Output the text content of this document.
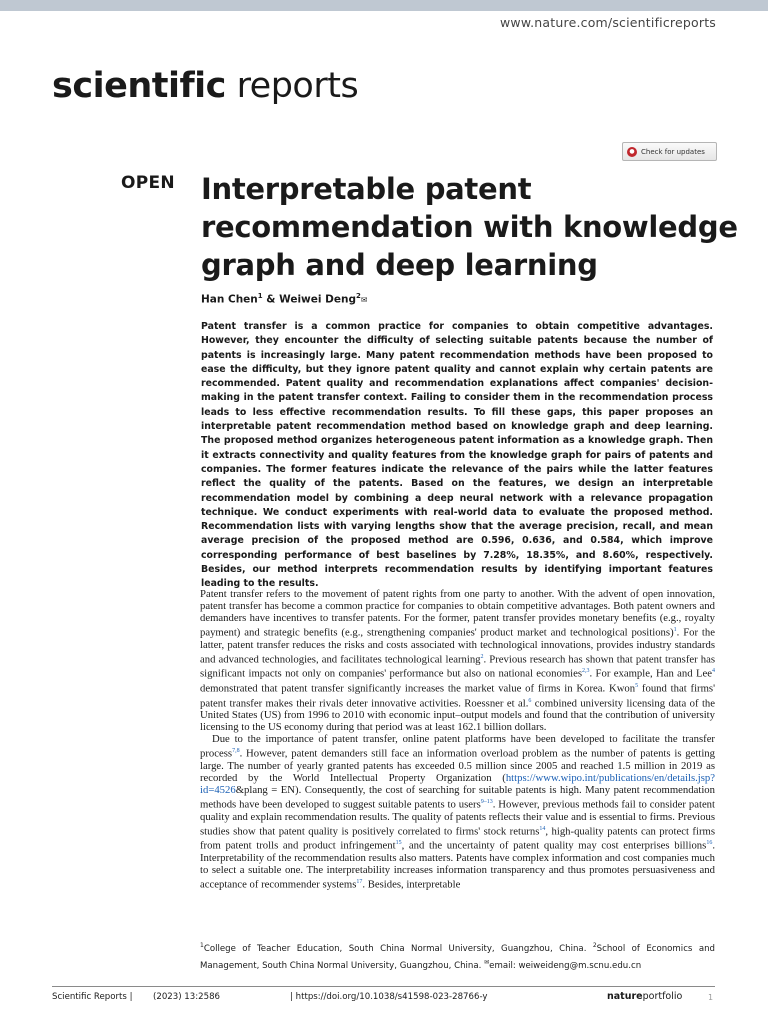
www.nature.com/scientificreports
scientific reports
● Check for updates
OPEN Interpretable patent recommendation with knowledge graph and deep learning
Han Chen$^1$ & Weiwei Deng$^2$✉

Patent transfer is a common practice for companies to obtain competitive advantages. However, they encounter the difficulty of selecting suitable patents because the number of patents is increasingly large. Many patent recommendation methods have been proposed to ease the difficulty, but they ignore patent quality and cannot explain why certain patents are recommended. Patent quality and recommendation explanations affect companies' decision-making in the patent transfer context. Failing to consider them in the recommendation process leads to less effective recommendation results. To fill these gaps, this paper proposes an interpretable patent recommendation method based on knowledge graph and deep learning. The proposed method organizes heterogeneous patent information as a knowledge graph. Then it extracts connectivity and quality features from the knowledge graph for pairs of patents and companies. The former features indicate the relevance of the pairs while the latter features reflect the quality of the patents. Based on the features, we design an interpretable recommendation model by combining a deep neural network with a relevance propagation technique. We conduct experiments with real-world data to evaluate the proposed method. Recommendation lists with varying lengths show that the average precision, recall, and mean average precision of the proposed method are 0.596, 0.636, and 0.584, which improve corresponding performance of best baselines by 7.28%, 18.35%, and 8.60%, respectively. Besides, our method interprets recommendation results by identifying important features leading to the results.

Patent transfer refers to the movement of patent rights from one party to another. With the advent of open innovation, patent transfer has become a common practice for companies to obtain competitive advantages. Both patent owners and demanders have incentives to transfer patents. For the former, patent transfer provides monetary benefits (e.g., royalty payment) and strategic benefits (e.g., strengthening companies' product market and technological positions)$^1$. For the latter, patent transfer reduces the risks and costs associated with technological innovations, provides industry standards and advanced technologies, and facilitates technological learning$^2$. Previous research has shown that patent transfer has significant impacts not only on companies' performance but also on national economies$^{2,3}$. For example, Han and Lee$^4$ demonstrated that patent transfer significantly increases the market value of firms in Korea. Kwon$^5$ found that firms' patent transfer makes their rivals deter innovative activities. Roessner et al.$^6$ combined university licensing data of the United States (US) from 1996 to 2010 with economic input–output models and found that the contribution of university licensing to the US economy during that period was at least 162.1 billion dollars.

Due to the importance of patent transfer, online patent platforms have been developed to facilitate the transfer process$^{7,8}$. However, patent demanders still face an information overload problem as the number of patents is getting large. The number of yearly granted patents has exceeded 0.5 million since 2005 and reached 1.5 million in 2019 as recorded by the World Intellectual Property Organization (https://www.wipo.int/publications/en/details.jsp?id=4526&plang = EN). Consequently, the cost of searching for suitable patents is high. Many patent recommendation methods have been developed to suggest suitable patents to users$^{9-13}$. However, previous methods fail to consider patent quality and explain recommendation results. The quality of patents reflects their value and is essential to firms. Previous studies show that patent quality is positively correlated to firms' stock returns$^{14}$, high-quality patents can protect firms from patent trolls and product infringement$^{15}$, and the uncertainty of patent quality may cost enterprises billions$^{16}$. Interpretability of the recommendation results also matters. Patents have complex information and cost companies much to select a suitable one. The interpretability increases information transparency and thus promotes persuasiveness and acceptance of recommender systems$^{17}$. Besides, interpretable

$^1$College of Teacher Education, South China Normal University, Guangzhou, China. $^2$School of Economics and Management, South China Normal University, Guangzhou, China. ✉email: weiweideng@m.scnu.edu.cn
Scientific Reports | (2023) 13:2586	| https://doi.org/10.1038/s41598-023-28766-y	natureportfolio	1
